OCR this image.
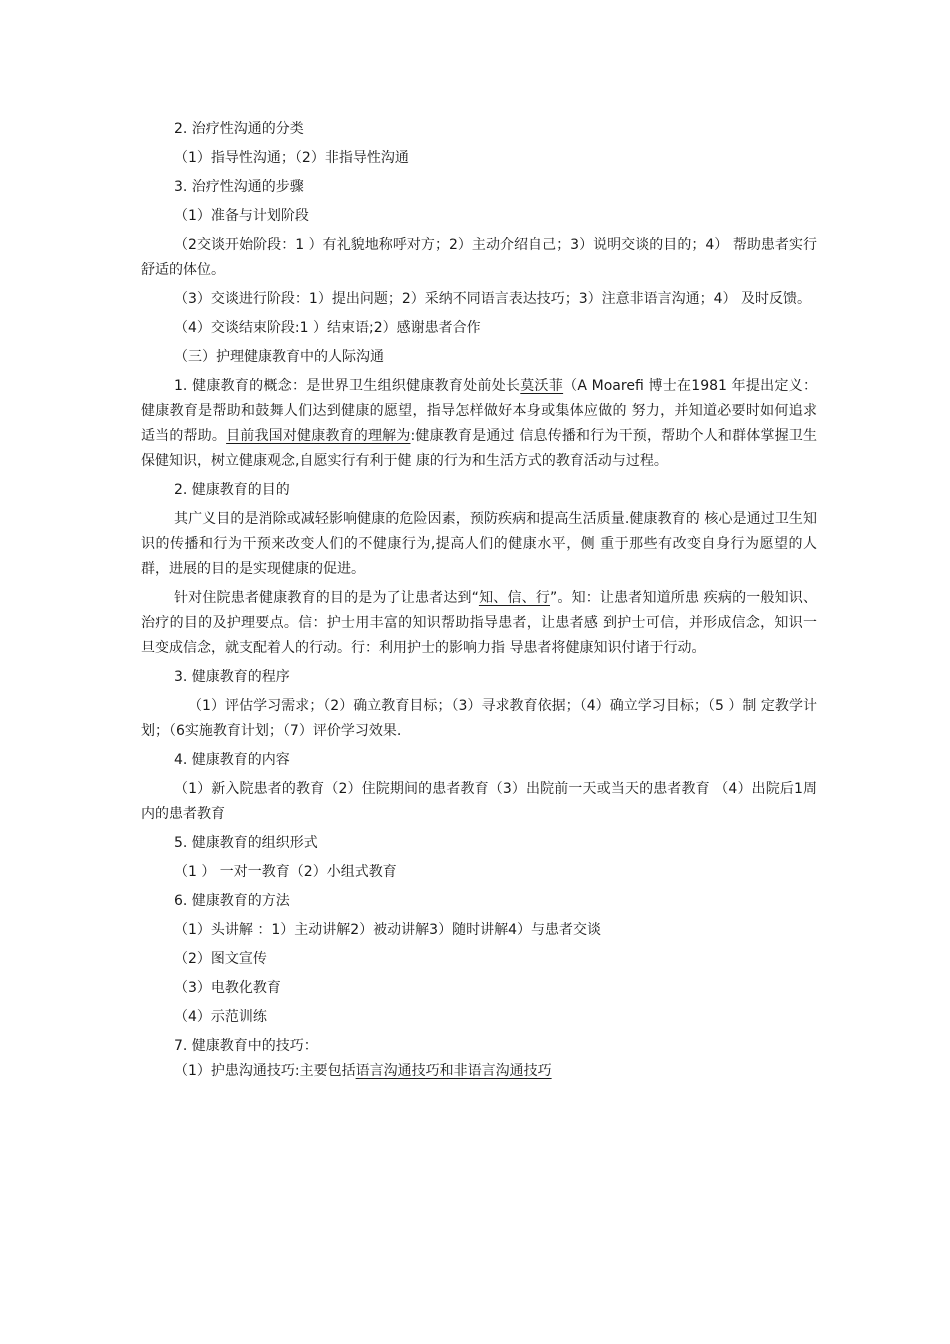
2. 治疗性沟通的分类

（1）指导性沟通；（2）非指导性沟通

3. 治疗性沟通的步骤

（1）准备与计划阶段

（2交谈开始阶段：1 ）有礼貌地称呼对方；2）主动介绍自己；3）说明交谈的目的；4） 帮助患者实行舒适的体位。

（3）交谈进行阶段：1）提出问题；2）采纳不同语言表达技巧；3）注意非语言沟通；4） 及时反馈。

（4）交谈结束阶段:1 ）结束语;2）感谢患者合作

（三）护理健康教育中的人际沟通

1. 健康教育的概念：是世界卫生组织健康教育处前处长莫沃菲（A Moarefi 博士在1981 年提出定义：健康教育是帮助和鼓舞人们达到健康的愿望，指导怎样做好本身或集体应做的 努力，并知道必要时如何追求适当的帮助。目前我国对健康教育的理解为:健康教育是通过 信息传播和行为干预，帮助个人和群体掌握卫生保健知识，树立健康观念,自愿实行有利于健 康的行为和生活方式的教育活动与过程。

2. 健康教育的目的

其广义目的是消除或减轻影响健康的危险因素，预防疾病和提高生活质量.健康教育的 核心是通过卫生知识的传播和行为干预来改变人们的不健康行为,提高人们的健康水平，侧 重于那些有改变自身行为愿望的人群，进展的目的是实现健康的促进。

针对住院患者健康教育的目的是为了让患者达到“知、信、行”。知：让患者知道所患 疾病的一般知识、治疗的目的及护理要点。信：护士用丰富的知识帮助指导患者，让患者感 到护士可信，并形成信念，知识一旦变成信念，就支配着人的行动。行：利用护士的影响力指 导患者将健康知识付诸于行动。

3. 健康教育的程序

（1）评估学习需求；（2）确立教育目标；（3）寻求教育依据；（4）确立学习目标；（5 ）制 定教学计划；（6实施教育计划；（7）评价学习效果.

4. 健康教育的内容

（1）新入院患者的教育（2）住院期间的患者教育（3）出院前一天或当天的患者教育 （4）出院后1周内的患者教育

5. 健康教育的组织形式

（1 ） 一对一教育（2）小组式教育

6. 健康教育的方法

（1）头讲解 ：1）主动讲解2）被动讲解3）随时讲解4）与患者交谈

（2）图文宣传

（3）电教化教育

（4）示范训练

7. 健康教育中的技巧：

（1）护患沟通技巧:主要包括语言沟通技巧和非语言沟通技巧
